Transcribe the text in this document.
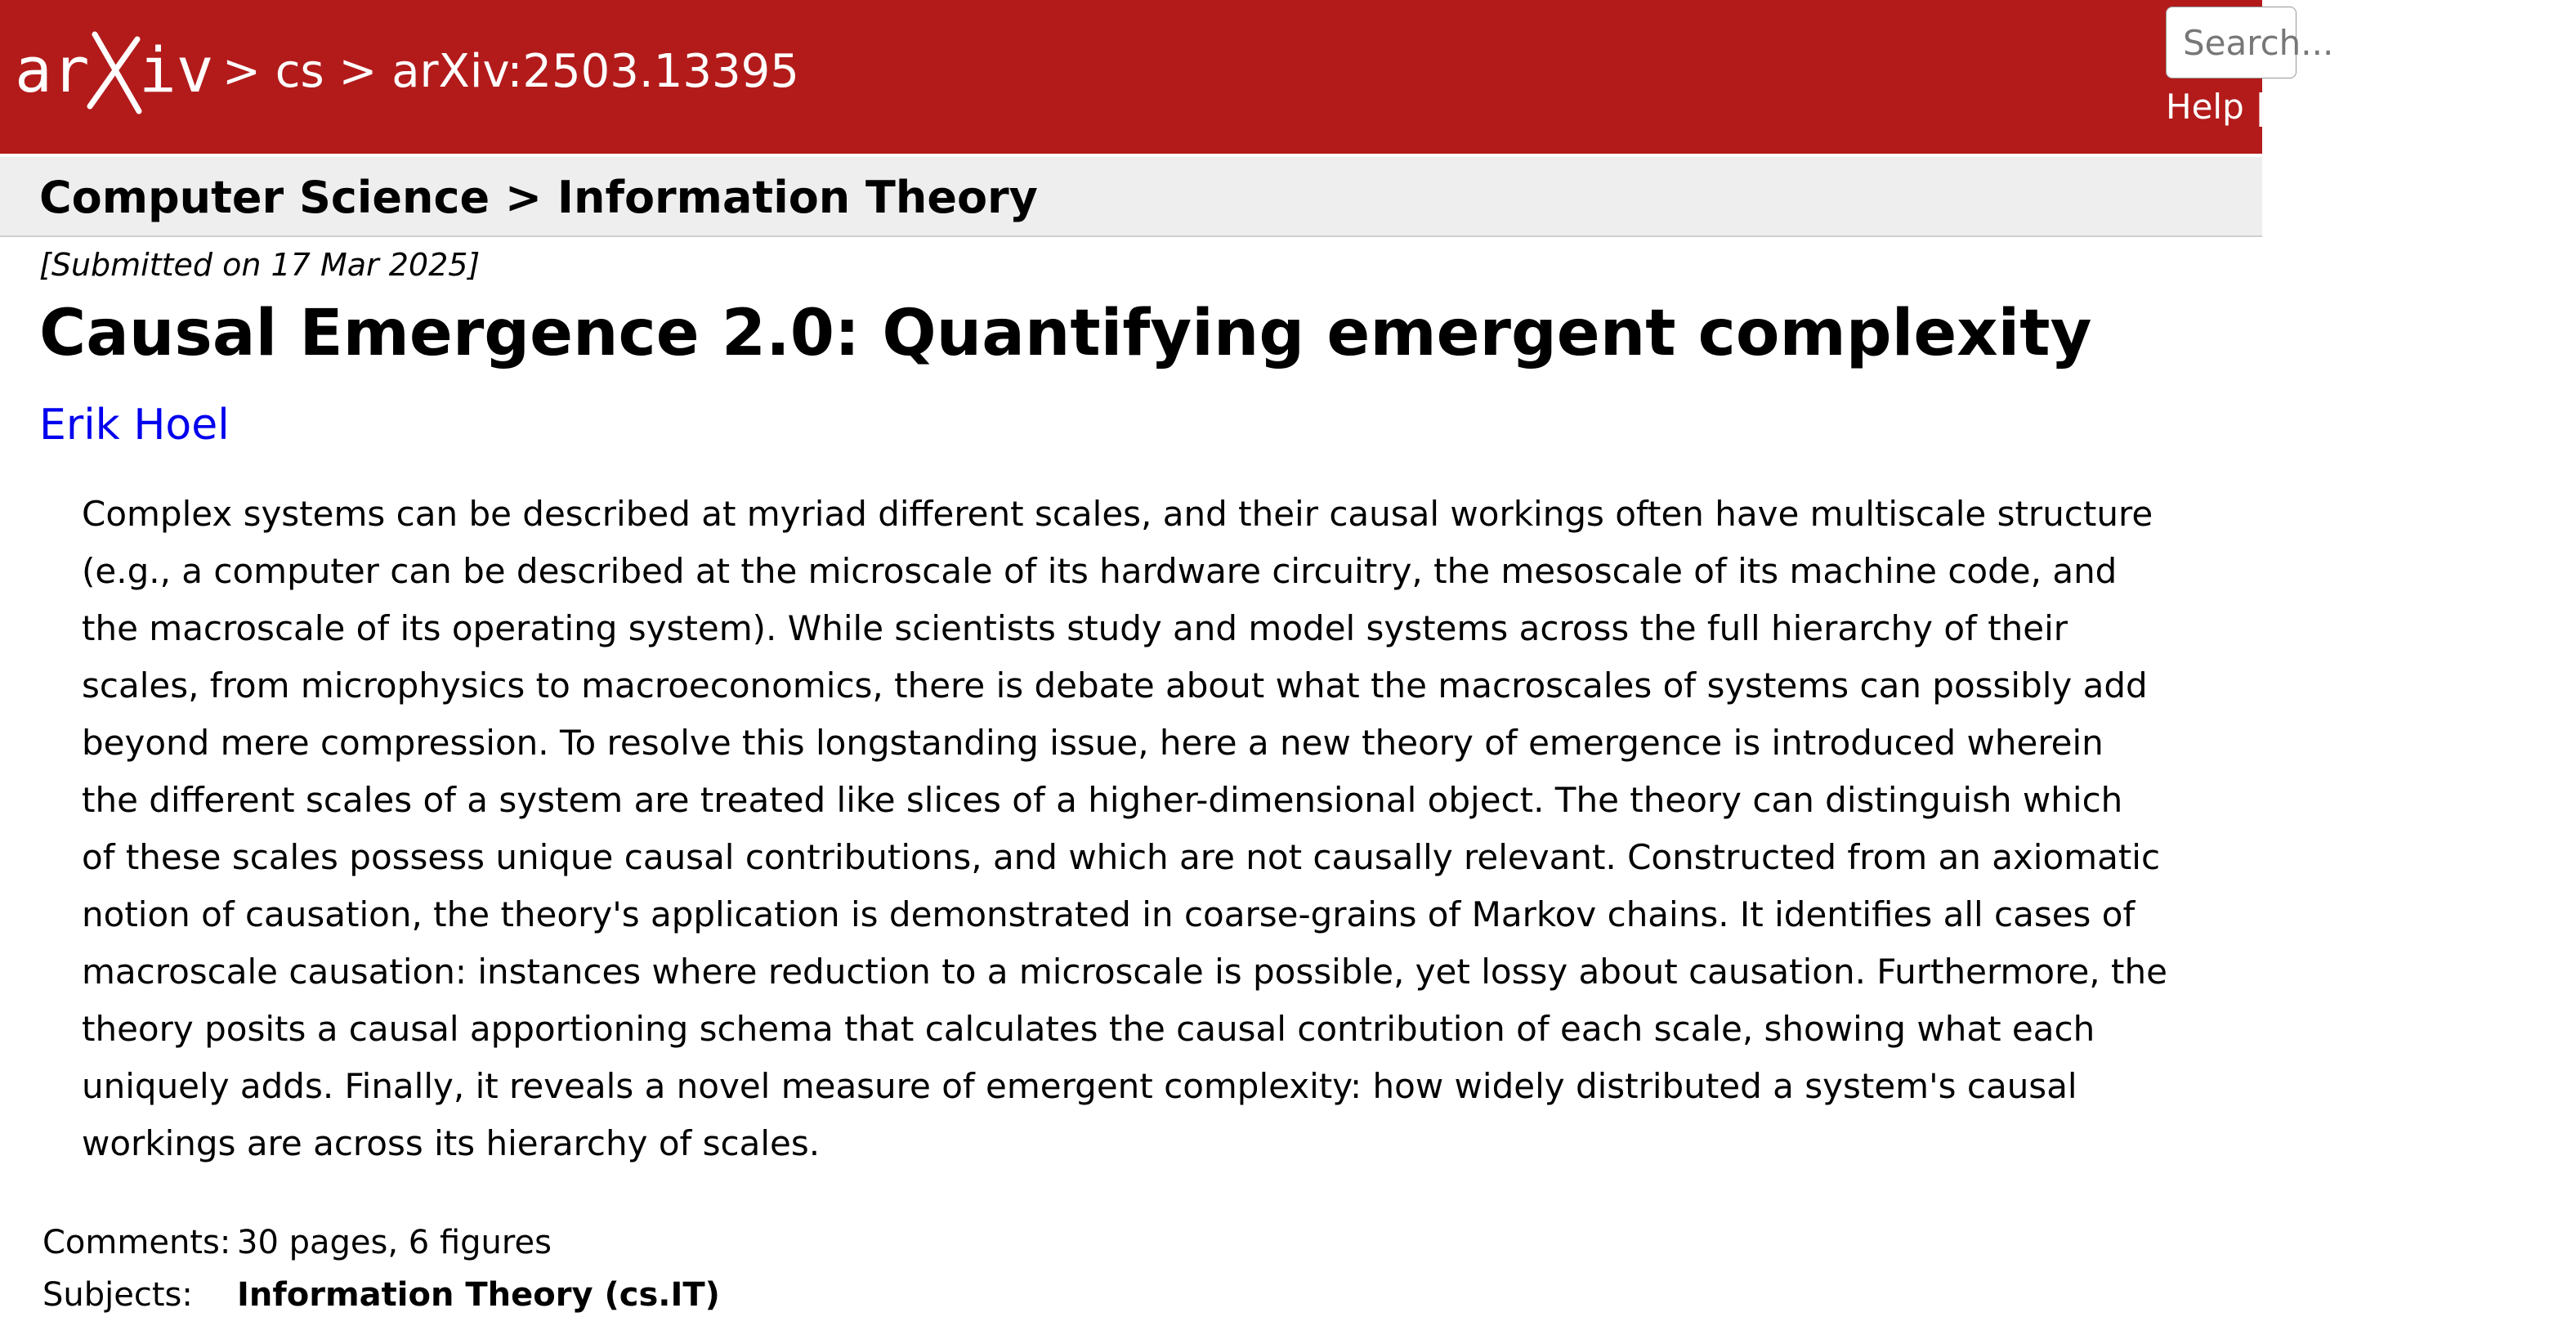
ar iv > cs > arXiv:2503.13395
Search...
Help | Advanced Search
Computer Science > Information Theory
[Submitted on 17 Mar 2025]
Causal Emergence 2.0: Quantifying emergent complexity
Erik Hoel
Complex systems can be described at myriad different scales, and their causal workings often have multiscale structure
(e.g., a computer can be described at the microscale of its hardware circuitry, the mesoscale of its machine code, and
the macroscale of its operating system). While scientists study and model systems across the full hierarchy of their
scales, from microphysics to macroeconomics, there is debate about what the macroscales of systems can possibly add
beyond mere compression. To resolve this longstanding issue, here a new theory of emergence is introduced wherein
the different scales of a system are treated like slices of a higher-dimensional object. The theory can distinguish which
of these scales possess unique causal contributions, and which are not causally relevant. Constructed from an axiomatic
notion of causation, the theory's application is demonstrated in coarse-grains of Markov chains. It identifies all cases of
macroscale causation: instances where reduction to a microscale is possible, yet lossy about causation. Furthermore, the
theory posits a causal apportioning schema that calculates the causal contribution of each scale, showing what each
uniquely adds. Finally, it reveals a novel measure of emergent complexity: how widely distributed a system's causal
workings are across its hierarchy of scales.
Comments: 30 pages, 6 figures
Subjects: Information Theory (cs.IT)
